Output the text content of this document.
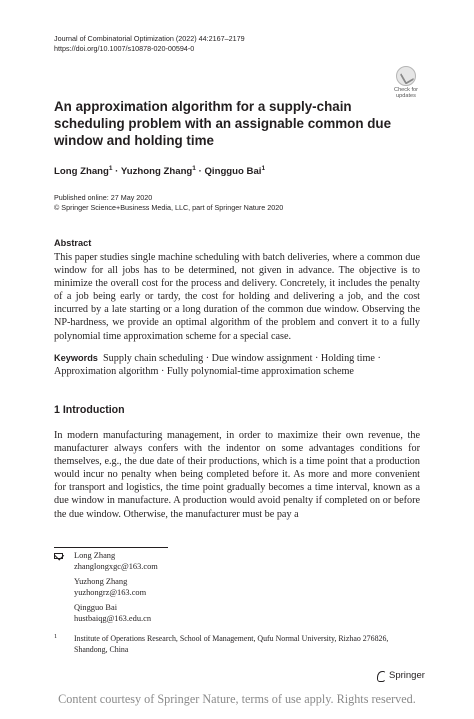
Journal of Combinatorial Optimization (2022) 44:2167–2179
https://doi.org/10.1007/s10878-020-00594-0
Check for
updates
An approximation algorithm for a supply-chain scheduling problem with an assignable common due window and holding time
Long Zhang$^1$ · Yuzhong Zhang$^1$ · Qingguo Bai$^1$
Published online: 27 May 2020
© Springer Science+Business Media, LLC, part of Springer Nature 2020
Abstract
This paper studies single machine scheduling with batch deliveries, where a common due window for all jobs has to be determined, not given in advance. The objective is to minimize the overall cost for the process and delivery. Concretely, it includes the penalty of a job being early or tardy, the cost for holding and delivering a job, and the cost incurred by a late starting or a long duration of the common due window. Observing the NP-hardness, we provide an optimal algorithm of the problem and convert it to a fully polynomial time approximation scheme for a special case.
Keywords Supply chain scheduling · Due window assignment · Holding time · Approximation algorithm · Fully polynomial-time approximation scheme
1 Introduction
In modern manufacturing management, in order to maximize their own revenue, the manufacturer always confers with the indentor on some advantages conditions for themselves, e.g., the due date of their productions, which is a time point that a production would incur no penalty when being completed before it. As more and more convenient for transport and logistics, the time point gradually becomes a time interval, known as a due window in manufacture. A production would avoid penalty if completed on or before the due window. Otherwise, the manufacturer must be pay a
Long Zhang
zhanglongxgc@163.com
Yuzhong Zhang
yuzhongrz@163.com
Qingguo Bai
hustbaiqg@163.edu.cn
1 Institute of Operations Research, School of Management, Qufu Normal University, Rizhao 276826, Shandong, China
Springer
Content courtesy of Springer Nature, terms of use apply. Rights reserved.
